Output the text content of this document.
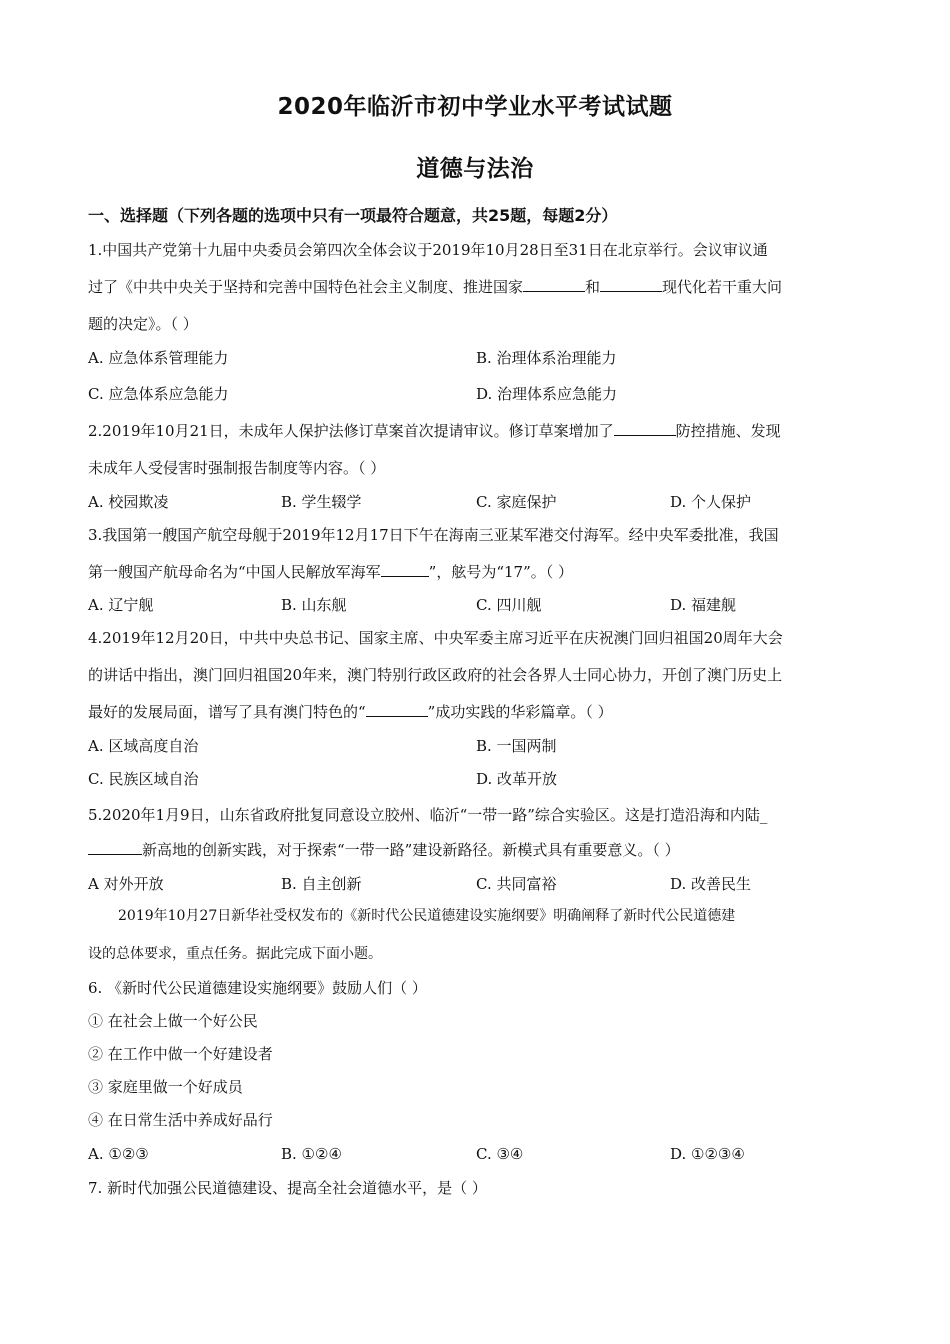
2020年临沂市初中学业水平考试试题
道德与法治
一、选择题（下列各题的选项中只有一项最符合题意，共25题，每题2分）
1.中国共产党第十九届中央委员会第四次全体会议于2019年10月28日至31日在北京举行。会议审议通
过了《中共中央关于坚持和完善中国特色社会主义制度、推进国家	和	现代化若干重大问
题的决定》。（ ）
A. 应急体系管理能力	B. 治理体系治理能力
C. 应急体系应急能力	D. 治理体系应急能力
2.2019年10月21日，未成年人保护法修订草案首次提请审议。修订草案增加了	防控措施、发现
未成年人受侵害时强制报告制度等内容。（ ）
A. 校园欺凌	B. 学生辍学	C. 家庭保护	D. 个人保护
3.我国第一艘国产航空母舰于2019年12月17日下午在海南三亚某军港交付海军。经中央军委批准，我国
第一艘国产航母命名为“中国人民解放军海军	”，舷号为“17”。（ ）
A. 辽宁舰	B. 山东舰	C. 四川舰	D. 福建舰
4.2019年12月20日，中共中央总书记、国家主席、中央军委主席习近平在庆祝澳门回归祖国20周年大会
的讲话中指出，澳门回归祖国20年来，澳门特别行政区政府的社会各界人士同心协力，开创了澳门历史上
最好的发展局面，谱写了具有澳门特色的“	”成功实践的华彩篇章。（ ）
A. 区域高度自治	B. 一国两制
C. 民族区域自治	D. 改革开放
5.2020年1月9日，山东省政府批复同意设立胶州、临沂“一带一路”综合实验区。这是打造沿海和内陆_
新高地的创新实践，对于探索“一带一路”建设新路径。新模式具有重要意义。（ ）
A 对外开放	B. 自主创新	C. 共同富裕	D. 改善民生
2019年10月27日新华社受权发布的《新时代公民道德建设实施纲要》明确阐释了新时代公民道德建
设的总体要求，重点任务。据此完成下面小题。
6. 《新时代公民道德建设实施纲要》鼓励人们（ ）
① 在社会上做一个好公民
② 在工作中做一个好建设者
③ 家庭里做一个好成员
④ 在日常生活中养成好品行
A. ①②③	B. ①②④	C. ③④	D. ①②③④
7. 新时代加强公民道德建设、提高全社会道德水平，是（ ）
